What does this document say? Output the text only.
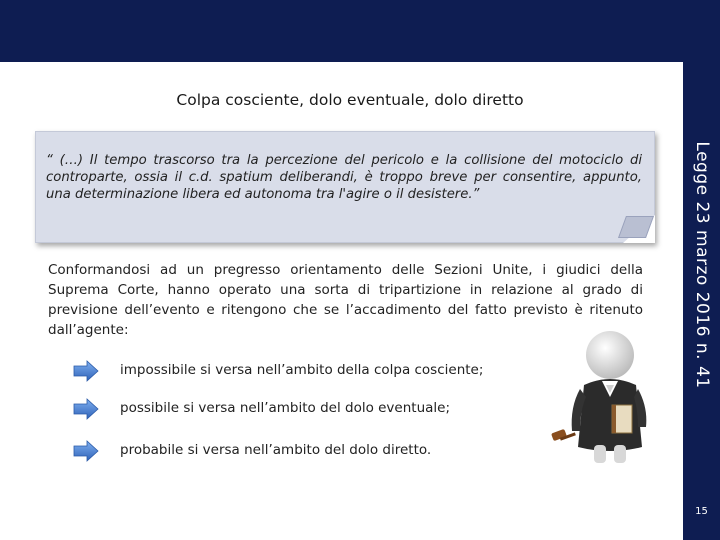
Legge 23 marzo 2016 n. 41
15
Colpa cosciente, dolo eventuale, dolo diretto
“ (…) Il tempo trascorso tra la percezione del pericolo e la collisione del motociclo di controparte, ossia il c.d. spatium deliberandi, è troppo breve per consentire, appunto, una determinazione libera ed autonoma tra l'agire o il desistere.”
Conformandosi ad un pregresso orientamento delle Sezioni Unite, i giudici della Suprema Corte, hanno operato una sorta di tripartizione in relazione al grado di previsione dell’evento e ritengono che se l’accadimento del fatto previsto è ritenuto dall’agente:
impossibile si versa nell’ambito della colpa cosciente;
possibile si versa nell’ambito del dolo eventuale;
probabile si versa nell’ambito del dolo diretto.
